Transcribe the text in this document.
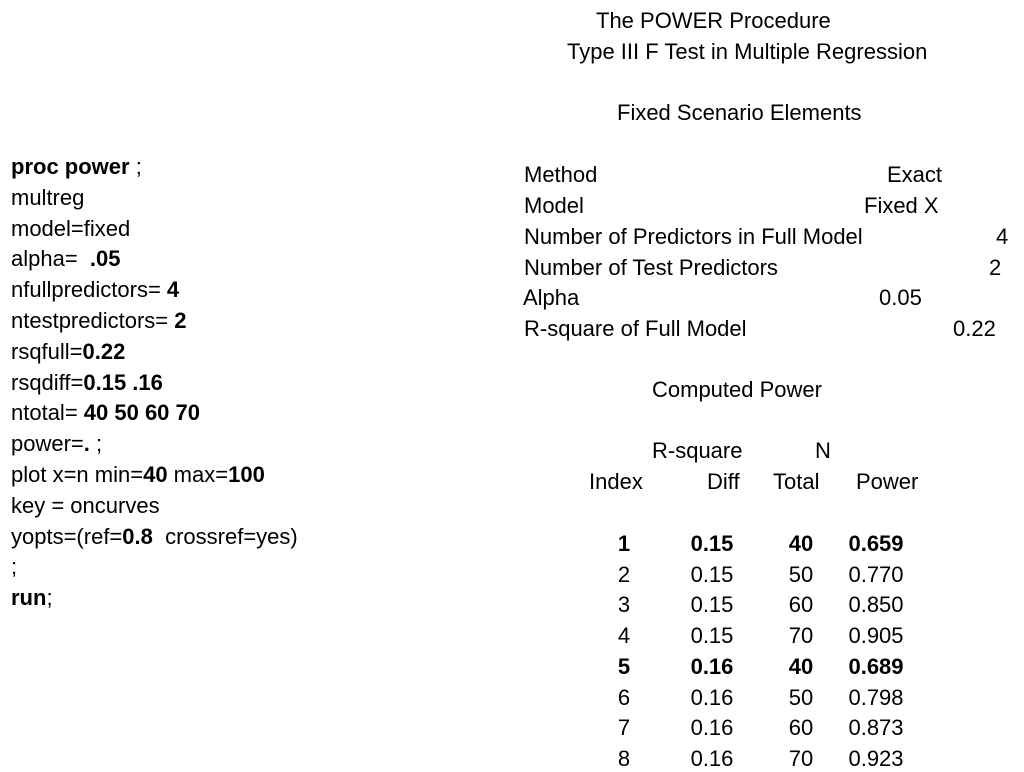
proc power ;
multreg
model=fixed
alpha=  .05
nfullpredictors= 4
ntestpredictors= 2
rsqfull=0.22
rsqdiff=0.15 .16
ntotal= 40 50 60 70
power=. ;
plot x=n min=40 max=100
key = oncurves
yopts=(ref=0.8  crossref=yes)
;
run;
The POWER Procedure
Type III F Test in Multiple Regression
Fixed Scenario Elements
Method	Exact
Model	Fixed X
Number of Predictors in Full Model	4
Number of Test Predictors	2
Alpha	0.05
R-square of Full Model	0.22
Computed Power
R-square	N
Index	Diff Total Power
1	0.15	40 0.659
2	0.15	50 0.770
3	0.15	60 0.850
4	0.15	70 0.905
5	0.16	40 0.689
6	0.16	50 0.798
7	0.16	60 0.873
8	0.16	70 0.923
